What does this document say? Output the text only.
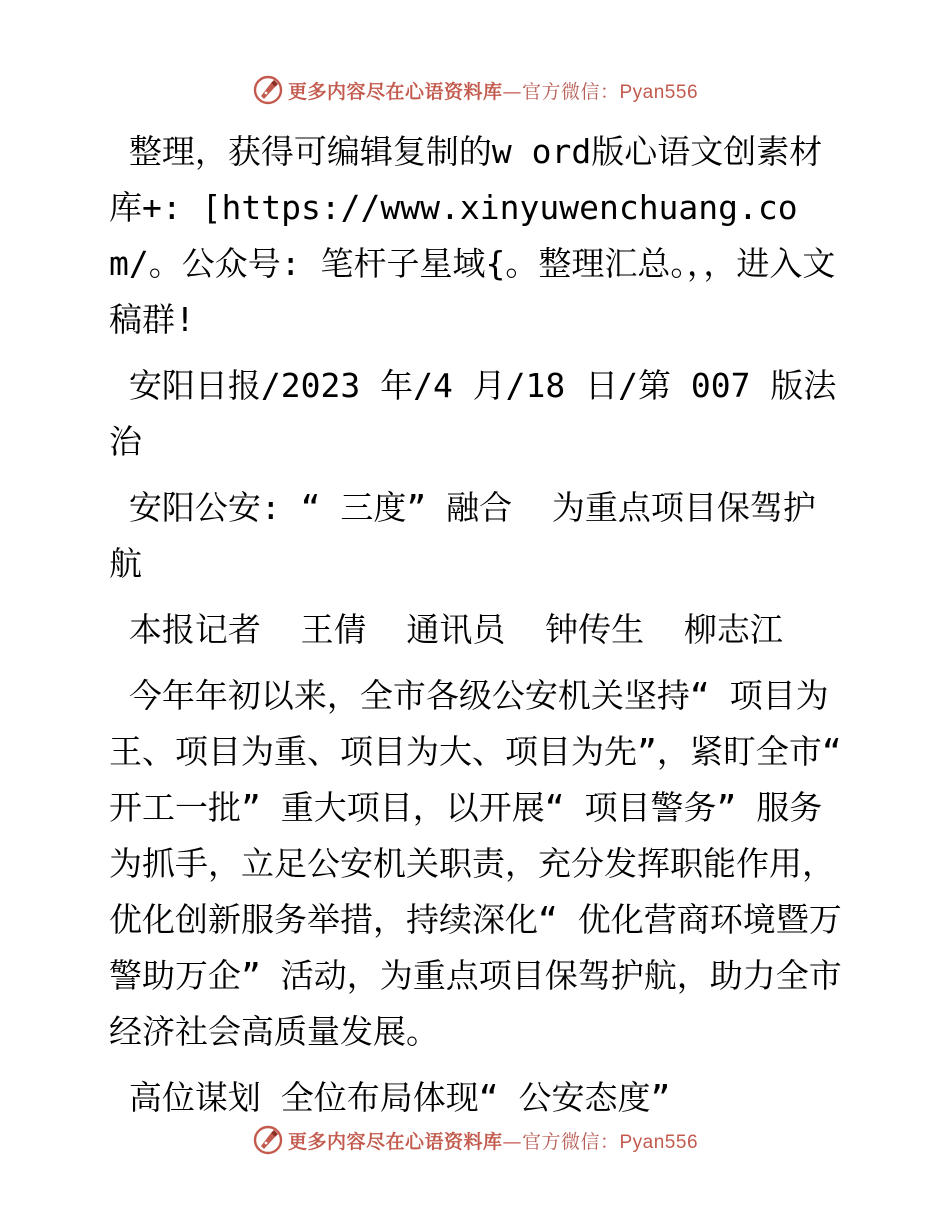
更多内容尽在心语资料库—官方微信：Pyan556

整理，获得可编辑复制的w ord版心语文创素材库+: [https://www.xinyuwenchuang.com/。公众号: 笔杆子星域{。整理汇总。，，进入文稿群!

安阳日报/2023 年/4 月/18 日/第 007 版法治

安阳公安: “ 三度” 融合  为重点项目保驾护航

本报记者  王倩  通讯员  钟传生  柳志江

今年年初以来，全市各级公安机关坚持“ 项目为王、项目为重、项目为大、项目为先”，紧盯全市“ 开工一批” 重大项目，以开展“ 项目警务” 服务为抓手，立足公安机关职责，充分发挥职能作用，优化创新服务举措，持续深化“ 优化营商环境暨万警助万企” 活动，为重点项目保驾护航，助力全市经济社会高质量发展。

高位谋划 全位布局体现“ 公安态度”

更多内容尽在心语资料库—官方微信：Pyan556
